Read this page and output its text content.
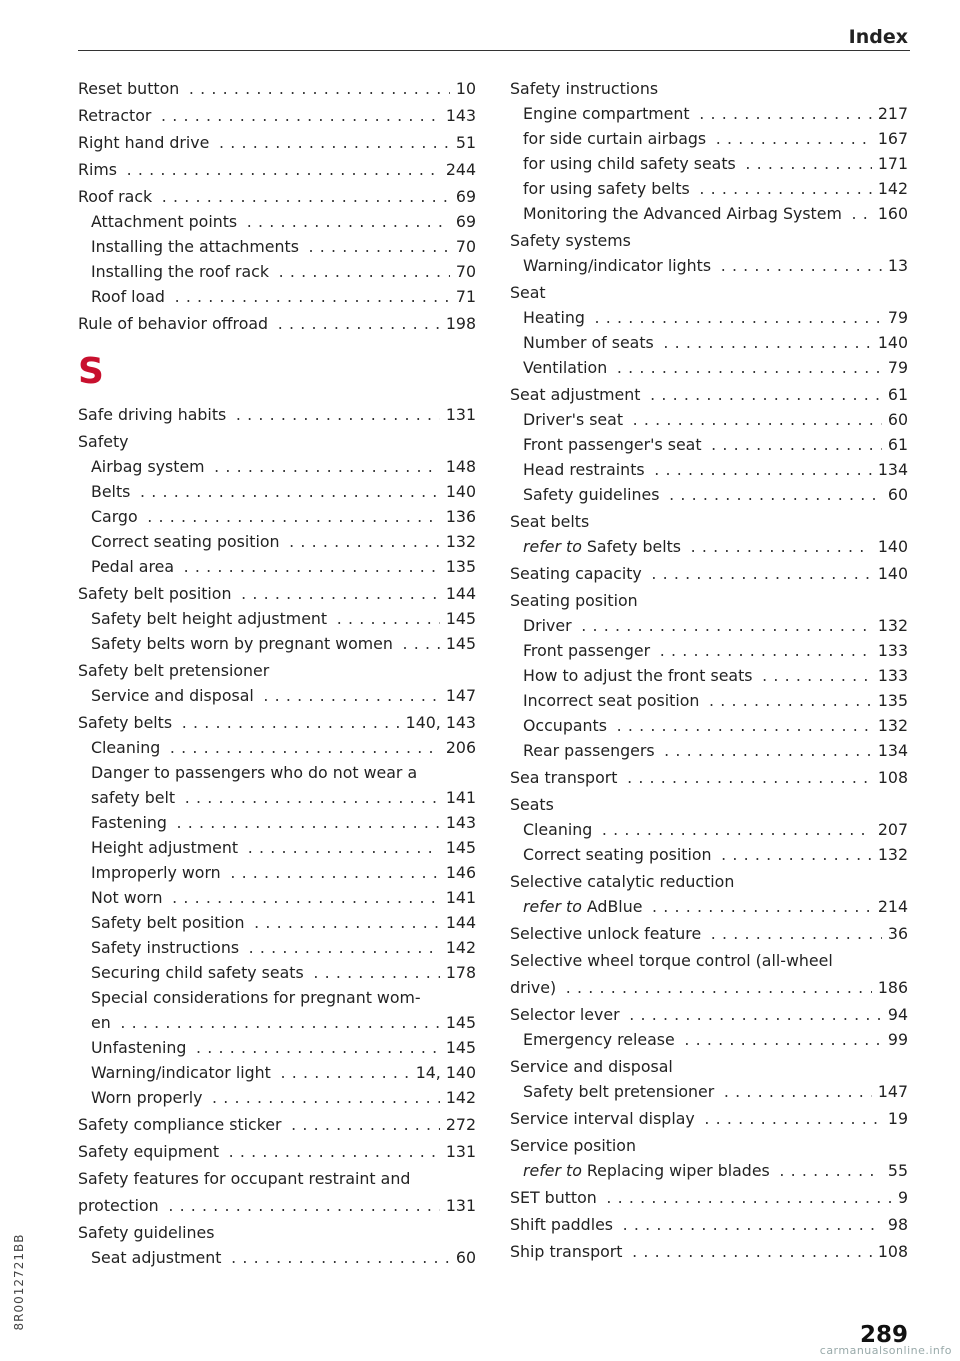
Index
Reset button . . .	10
Retractor . . .	143
Right hand drive . . .	51
Rims . . .	244
Roof rack . . .	69
Attachment points . . .	69
Installing the attachments . . .	70
Installing the roof rack . . .	70
Roof load . . .	71
Rule of behavior offroad . . .	198
S
Safe driving habits . . .	131
Safety
Airbag system . . .	148
Belts . . .	140
Cargo . . .	136
Correct seating position . . .	132
Pedal area . . .	135
Safety belt position . . .	144
Safety belt height adjustment . . .	145
Safety belts worn by pregnant women . . .	145
Safety belt pretensioner
Service and disposal . . .	147
Safety belts . . .	140, 143
Cleaning . . .	206
Danger to passengers who do not wear a
safety belt . . .	141
Fastening . . .	143
Height adjustment . . .	145
Improperly worn . . .	146
Not worn . . .	141
Safety belt position . . .	144
Safety instructions . . .	142
Securing child safety seats . . .	178
Special considerations for pregnant wom-
en . . .	145
Unfastening . . .	145
Warning/indicator light . . .	14, 140
Worn properly . . .	142
Safety compliance sticker . . .	272
Safety equipment . . .	131
Safety features for occupant restraint and
protection . . .	131
Safety guidelines
Seat adjustment . . .	60
Safety instructions
Engine compartment . . .	217
for side curtain airbags . . .	167
for using child safety seats . . .	171
for using safety belts . . .	142
Monitoring the Advanced Airbag System . . .	160
Safety systems
Warning/indicator lights . . .	13
Seat
Heating . . .	79
Number of seats . . .	140
Ventilation . . .	79
Seat adjustment . . .	61
Driver's seat . . .	60
Front passenger's seat . . .	61
Head restraints . . .	134
Safety guidelines . . .	60
Seat belts
refer to Safety belts . . .	140
Seating capacity . . .	140
Seating position
Driver . . .	132
Front passenger . . .	133
How to adjust the front seats . . .	133
Incorrect seat position . . .	135
Occupants . . .	132
Rear passengers . . .	134
Sea transport . . .	108
Seats
Cleaning . . .	207
Correct seating position . . .	132
Selective catalytic reduction
refer to AdBlue . . .	214
Selective unlock feature . . .	36
Selective wheel torque control (all-wheel
drive) . . .	186
Selector lever . . .	94
Emergency release . . .	99
Service and disposal
Safety belt pretensioner . . .	147
Service interval display . . .	19
Service position
refer to Replacing wiper blades . . .	55
SET button . . .	9
Shift paddles . . .	98
Ship transport . . .	108
8R0012721BB
289
carmanualsonline.info
